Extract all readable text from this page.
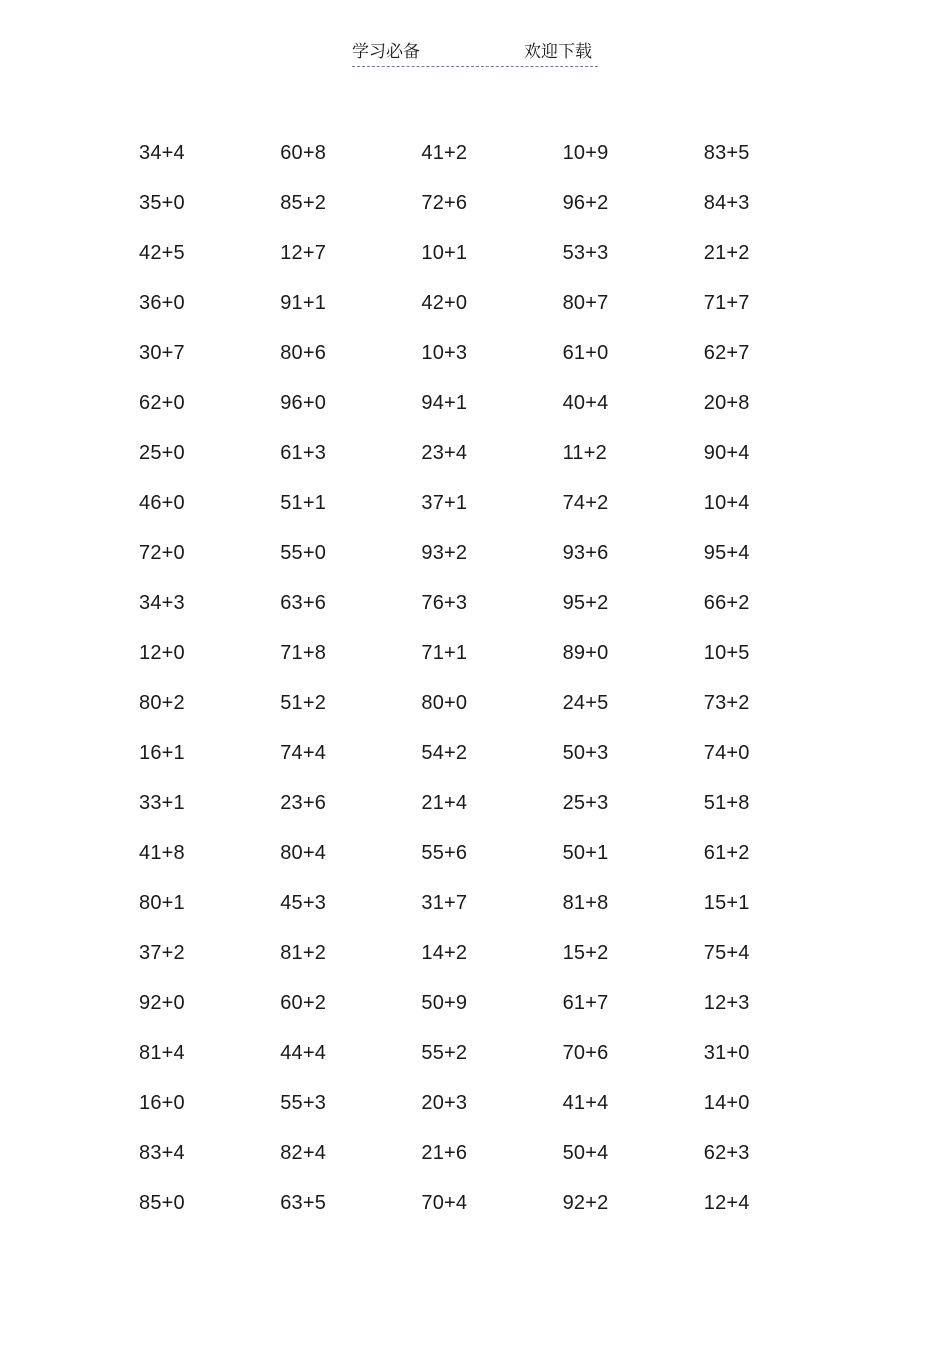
学习必备	欢迎下载
34+4	60+8	41+2	10+9	83+5
35+0	85+2	72+6	96+2	84+3
42+5	12+7	10+1	53+3	21+2
36+0	91+1	42+0	80+7	71+7
30+7	80+6	10+3	61+0	62+7
62+0	96+0	94+1	40+4	20+8
25+0	61+3	23+4	11+2	90+4
46+0	51+1	37+1	74+2	10+4
72+0	55+0	93+2	93+6	95+4
34+3	63+6	76+3	95+2	66+2
12+0	71+8	71+1	89+0	10+5
80+2	51+2	80+0	24+5	73+2
16+1	74+4	54+2	50+3	74+0
33+1	23+6	21+4	25+3	51+8
41+8	80+4	55+6	50+1	61+2
80+1	45+3	31+7	81+8	15+1
37+2	81+2	14+2	15+2	75+4
92+0	60+2	50+9	61+7	12+3
81+4	44+4	55+2	70+6	31+0
16+0	55+3	20+3	41+4	14+0
83+4	82+4	21+6	50+4	62+3
85+0	63+5	70+4	92+2	12+4
